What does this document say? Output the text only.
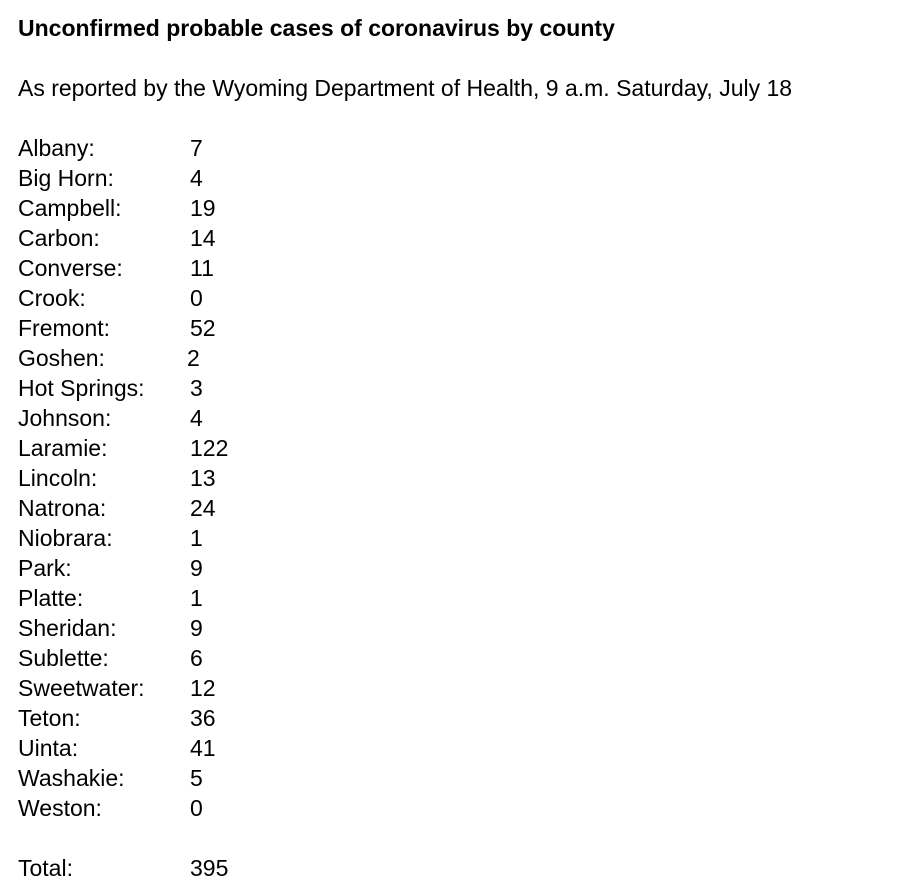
Unconfirmed probable cases of coronavirus by county
As reported by the Wyoming Department of Health, 9 a.m. Saturday, July 18
Albany:	7
Big Horn:	4
Campbell:	19
Carbon:	14
Converse:	11
Crook:	0
Fremont:	52
Goshen:	2
Hot Springs:	3
Johnson:	4
Laramie:	122
Lincoln:	13
Natrona:	24
Niobrara:	1
Park:	9
Platte:	1
Sheridan:	9
Sublette:	6
Sweetwater:	12
Teton:	36
Uinta:	41
Washakie:	5
Weston:	0
Total:	395
